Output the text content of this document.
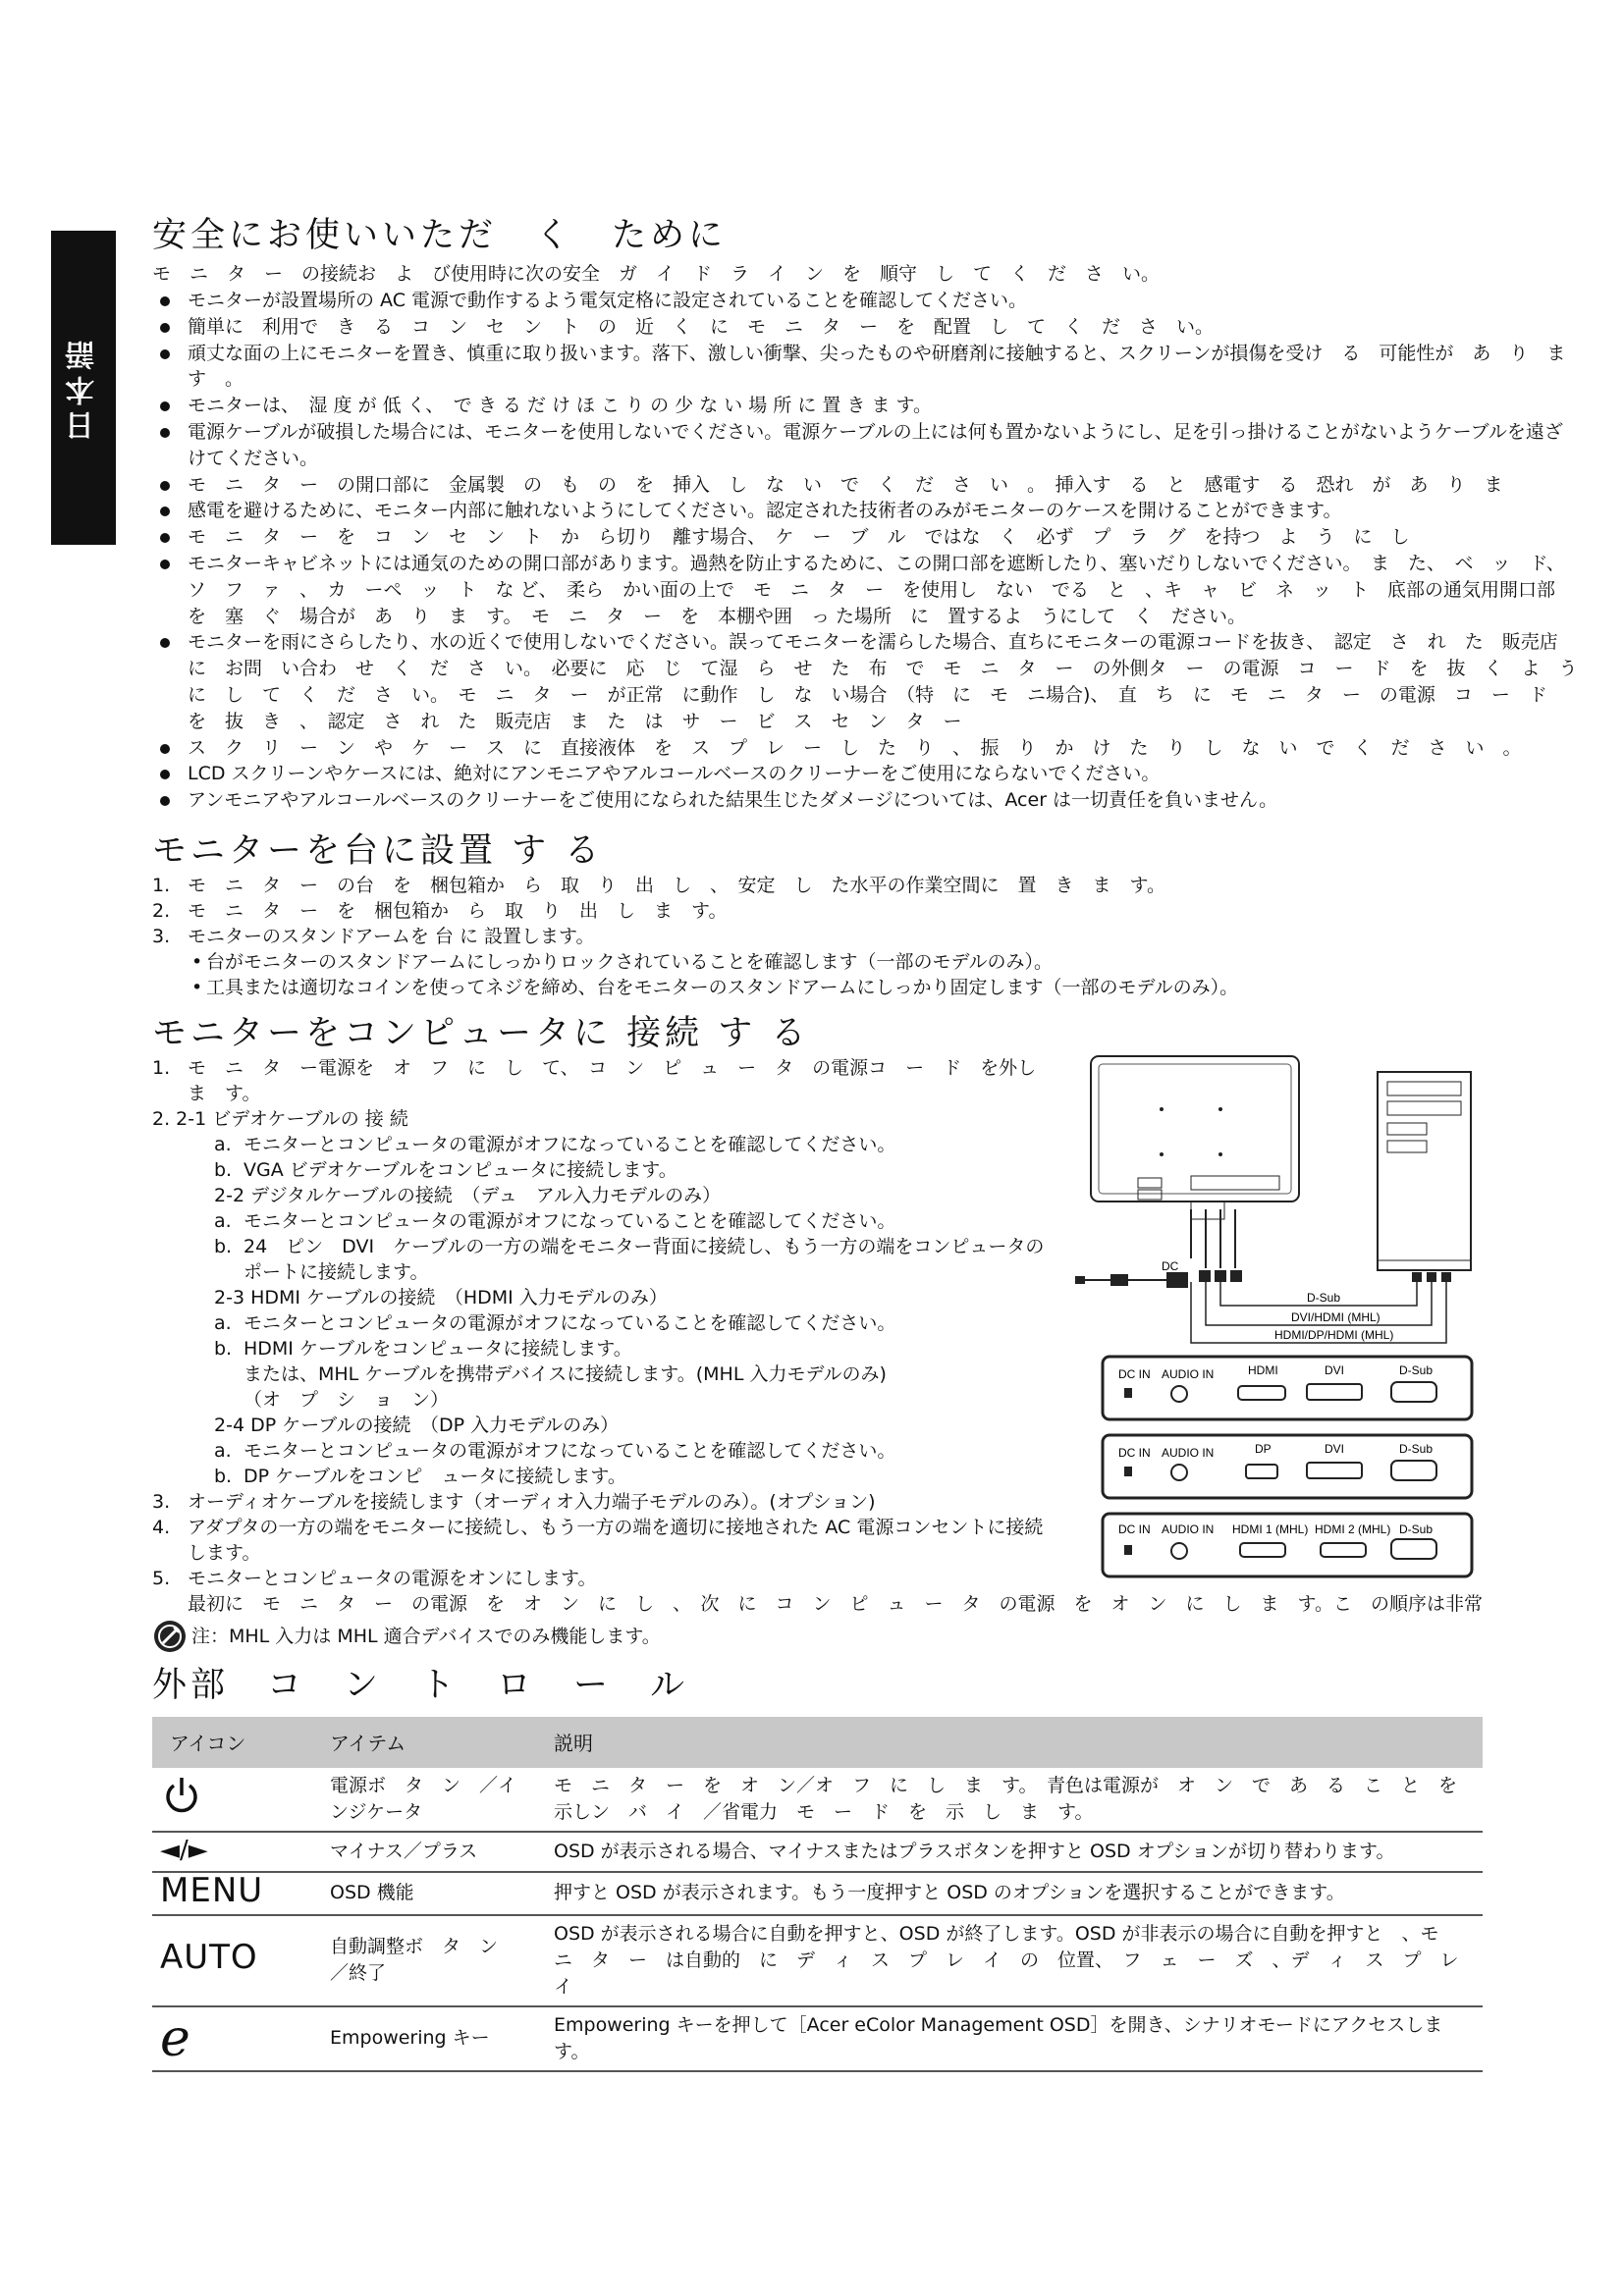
日本語
安全にお使いいただ　く　ために
モ　ニ　タ　ー　の接続お　よ　び使用時に次の安全　ガ　イ　ド　ラ　イ　ン　を　順守　し　て　く　だ　さ　い。
モニターが設置場所の AC 電源で動作するよう電気定格に設定されていることを確認してください。
簡単に　利用で　き　る　コ　ン　セ　ン　ト　の　近　く　に　モ　ニ　タ　ー　を　配置　し　て　く　だ　さ　い。
頑丈な面の上にモニターを置き、慎重に取り扱います。落下、激しい衝撃、尖ったものや研磨剤に接触すると、スクリーンが損傷を受け　る　可能性が　あ　り　ま　す　。
モニターは、　湿 度 が 低 く、　で き る だ け ほ こ り の 少 な い 場 所 に 置 き ま す。
電源ケーブルが破損した場合には、モニターを使用しないでください。電源ケーブルの上には何も置かないようにし、足を引っ掛けることがないようケーブルを遠ざけてください。
モ　ニ　タ　ー　の開口部に　金属製　の　も　の　を　挿入　し　な　い　で　く　だ　さ　い　。　挿入す　る　と　感電す　る　恐れ　が　あ　り　ま
感電を避けるために、モニター内部に触れないようにしてください。認定された技術者のみがモニターのケースを開けることができます。
モ　ニ　タ　ー　を　コ　ン　セ　ン　ト　か　ら切り　離す場合、　ケ　ー　ブ　ル　ではな　く　必ず　プ　ラ　グ　を持つ　よ　う　に　し
モニターキャビネットには通気のための開口部があります。過熱を防止するために、この開口部を遮断したり、塞いだりしないでください。　ま　た、　ベ　ッ　ド、　ソ　フ　ァ　、　カ　ーペ　ッ　ト　な ど、　柔ら　かい面の上で　モ　ニ　タ　ー　を使用し　ない　でる　と　、キ　ャ　ビ　ネ　ッ　ト　底部の通気用開口部　を　塞　ぐ　場合が　あ　り　ま　す。　モ　ニ　タ　ー　を　本棚や囲　っ た場所　に　置するよ　うにして　く　ださい。
モニターを雨にさらしたり、水の近くで使用しないでください。誤ってモニターを濡らした場合、直ちにモニターの電源コードを抜き、　認定　さ　れ　た　販売店　に　お問　い合わ　せ　く　だ　さ　い。　必要に　応　じ　て湿　ら　せ　た　布　で　モ　ニ　タ　ー　の外側タ　ー　の電源　コ　ー　ド　を　抜　く　よ　う　に　し　て　く　だ　さ　い。　モ　ニ　タ　ー　が正常　に動作　し　な　い場合　（特　に　モ　ニ場合)、　直　ち　に　モ　ニ　タ　ー　の電源　コ　ー　ド　を　抜　き　、　認定　さ　れ　た　販売店　ま　た　は　サ　ー　ビ　ス　セ　ン　タ　ー
ス　ク　リ　ー　ン　や　ケ　ー　ス　に　直接液体　を　ス　プ　レ　ー　し　た　り　、　振　り　か　け　た　り　し　な　い　で　く　だ　さ　い　。
LCD スクリーンやケースには、絶対にアンモニアやアルコールベースのクリーナーをご使用にならないでください。
アンモニアやアルコールベースのクリーナーをご使用になられた結果生じたダメージについては、Acer は一切責任を負いません。
モニターを台に設置 す る
1. モ　ニ　タ　ー　の台　を　梱包箱か　ら　取　り　出　し　、　安定　し　た水平の作業空間に　置　き　ま　す。
2. モ　ニ　タ　ー　を　梱包箱か　ら　取　り　出　し　ま　す。
3. モニターのスタンドアームを 台 に 設置します。
• 台がモニターのスタンドアームにしっかりロックされていることを確認します（一部のモデルのみ）。
• 工具または適切なコインを使ってネジを締め、台をモニターのスタンドアームにしっかり固定します（一部のモデルのみ）。
モニターをコンピュータに 接続 す る
1. モ　ニ　タ　ー電源を　オ　フ　に　し　て、　コ　ン　ピ　ュ　ー　タ　の電源コ　ー　ド　を外し　ま　す。
2. 2-1 ビデオケーブルの 接 続
a. モニターとコンピュータの電源がオフになっていることを確認してください。
b. VGA ビデオケーブルをコンピュータに接続します。
2-2 デジタルケーブルの接続　（デュ　アル入力モデルのみ）
a. モニターとコンピュータの電源がオフになっていることを確認してください。
b. 24　ピン　DVI　ケーブルの一方の端をモニター背面に接続し、もう一方の端をコンピュータのポートに接続します。
2-3 HDMI ケーブルの接続　（HDMI 入力モデルのみ）
a. モニターとコンピュータの電源がオフになっていることを確認してください。
b. HDMI ケーブルをコンピュータに接続します。
または、MHL ケーブルを携帯デバイスに接続します。(MHL 入力モデルのみ)
（オ　プ　シ　ョ　ン）
2-4 DP ケーブルの接続　（DP 入力モデルのみ）
a. モニターとコンピュータの電源がオフになっていることを確認してください。
b. DP ケーブルをコンピ　ュータに接続します。
3. オーディオケーブルを接続します（オーディオ入力端子モデルのみ）。(オプション)
4. アダプタの一方の端をモニターに接続し、もう一方の端を適切に接地された AC 電源コンセントに接続します。
5. モニターとコンピュータの電源をオンにします。
最初に　モ　ニ　タ　ー　の電源　を　オ　ン　に　し　、　次　に　コ　ン　ピ　ュ　ー　タ　の電源　を　オ　ン　に　し　ま　す。こ　の順序は非常
注：MHL 入力は MHL 適合デバイスでのみ機能します。
外部　コ　ン　ト　ロ　ー　ル
アイコン	アイテム	説明
	電源ボ　タ　ン　／インジケータ	モ　ニ　タ　ー　を　オ　ン／オ　フ　に　し　ま　す。　青色は電源が　オ　ン　で　あ　る　こ　と　を示しン　バ　イ　／省電力　モ　ー　ド　を　示　し　ま　す。
◄/►	マイナス／プラス	OSD が表示される場合、マイナスまたはプラスボタンを押すと OSD オプションが切り替わります。
MENU	OSD 機能	押すと OSD が表示されます。もう一度押すと OSD のオプションを選択することができます。
AUTO	自動調整ボ　タ　ン　／終了	OSD が表示される場合に自動を押すと、OSD が終了します。OSD が非表示の場合に自動を押すと　、モ　ニ　タ　ー　は自動的　に　デ　ィ　ス　プ　レ　イ　の　位置、　フ　ェ　ー　ズ　、デ　ィ　ス　プ　レ　イ
e	Empowering キー	Empowering キーを押して［Acer eColor Management OSD］を開き、シナリオモードにアクセスします。
DC
D-Sub
DVI/HDMI (MHL)
HDMI/DP/HDMI (MHL)
DC IN AUDIO IN	HDMI	DVI	D-Sub
DC IN AUDIO IN	DP	DVI	D-Sub
DC IN AUDIO IN HDMI 1 (MHL) HDMI 2 (MHL) D-Sub
